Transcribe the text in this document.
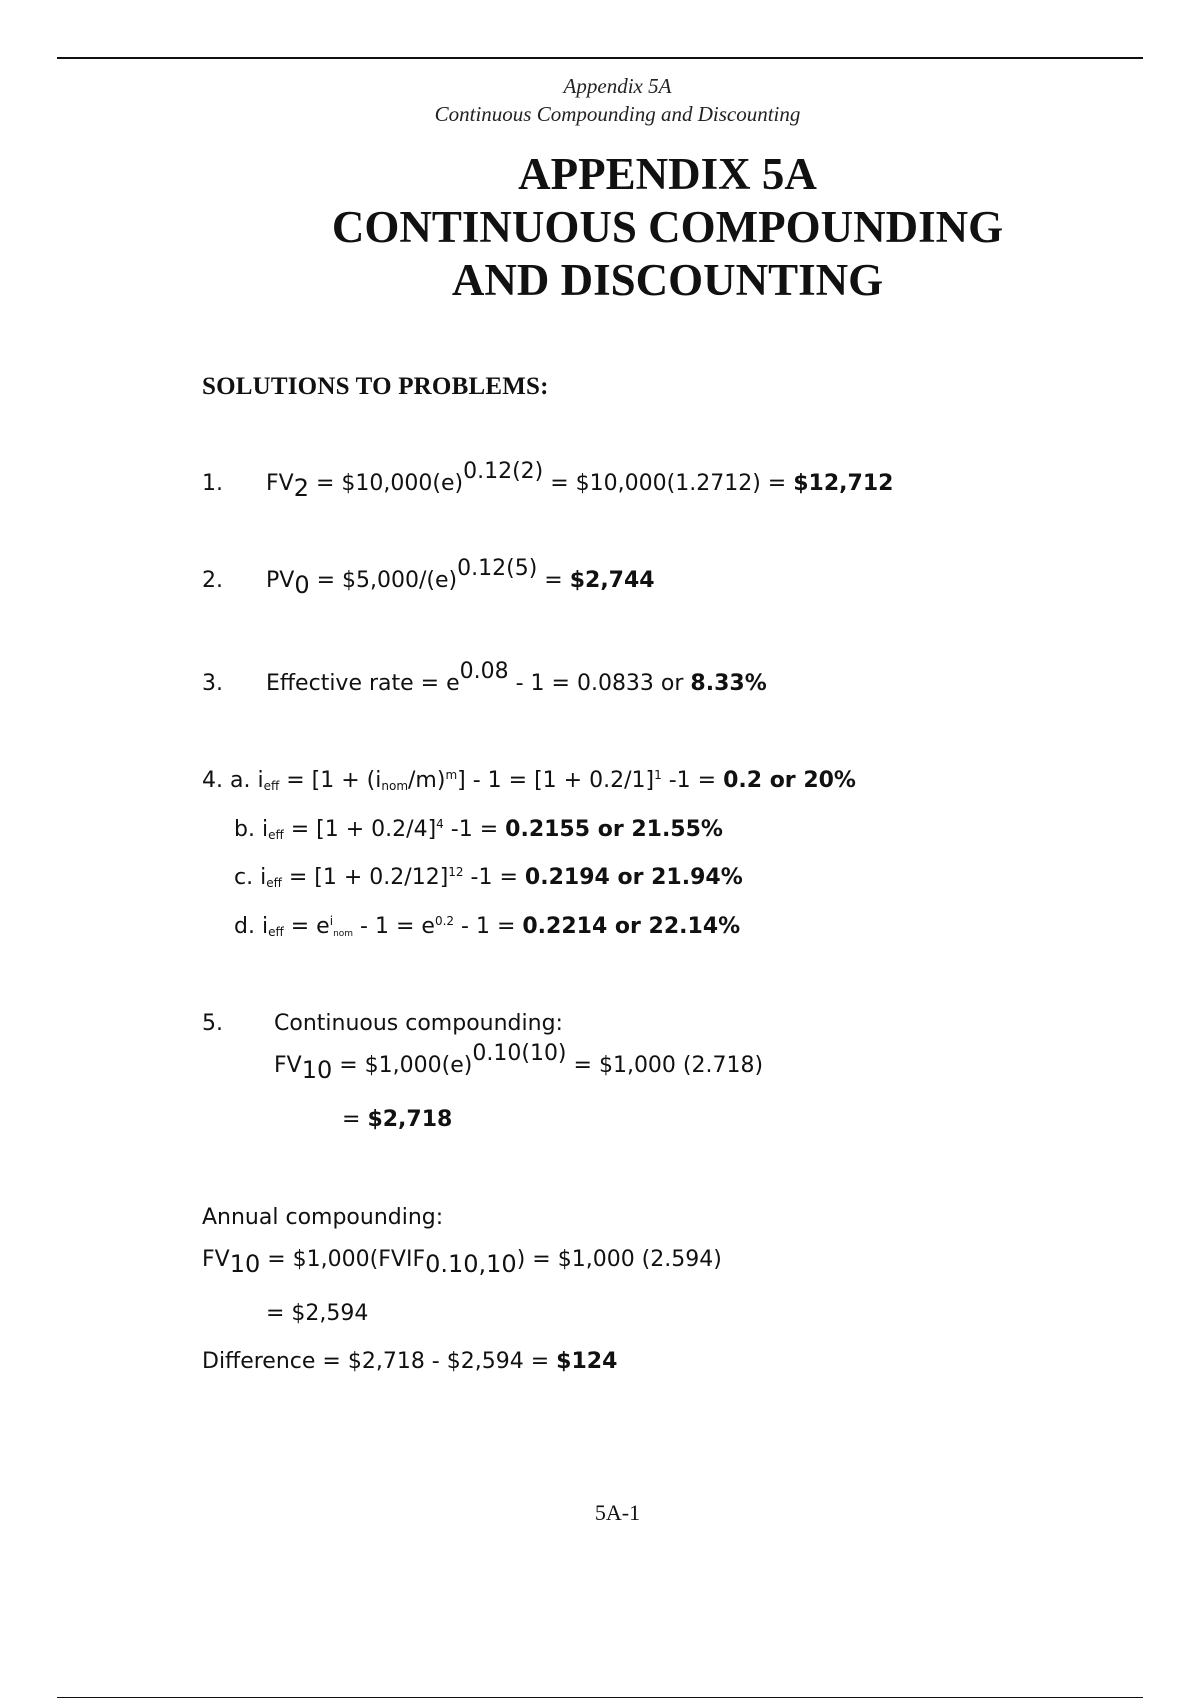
Appendix 5A
Continuous Compounding and Discounting
APPENDIX 5A
CONTINUOUS COMPOUNDING
AND DISCOUNTING
SOLUTIONS TO PROBLEMS:
1. FV2 = $10,000(e)0.12(2) = $10,000(1.2712) = $12,712
2. PV0 = $5,000/(e)0.12(5) = $2,744
3. Effective rate = e0.08 - 1 = 0.0833 or 8.33%
4. a. ieff = [1 + (inom/m)$^m$] - $1 = [1 + 0.2/1]^1$ -1 = 0.2 or 20%
b. ieff = $[1 + 0.2/4]^4$ -1 = 0.2155 or 21.55%
c. ieff = $[1 + 0.2/12]^{12}$ -1 = 0.2194 or 21.94%
d. ieff = $e^inom - 1 = e^{0.2} - 1 = 0.2214$ or 22.14%
5. Continuous compounding:
FV10 = $1,000(e)0.10(10) = $1,000 (2.718)
= $2,718
Annual compounding:
FV10 = $1,000(FVIF0.10,10) = $1,000 (2.594)
= $2,594
Difference = $2,718 - $2,594 = $124
5A-1
